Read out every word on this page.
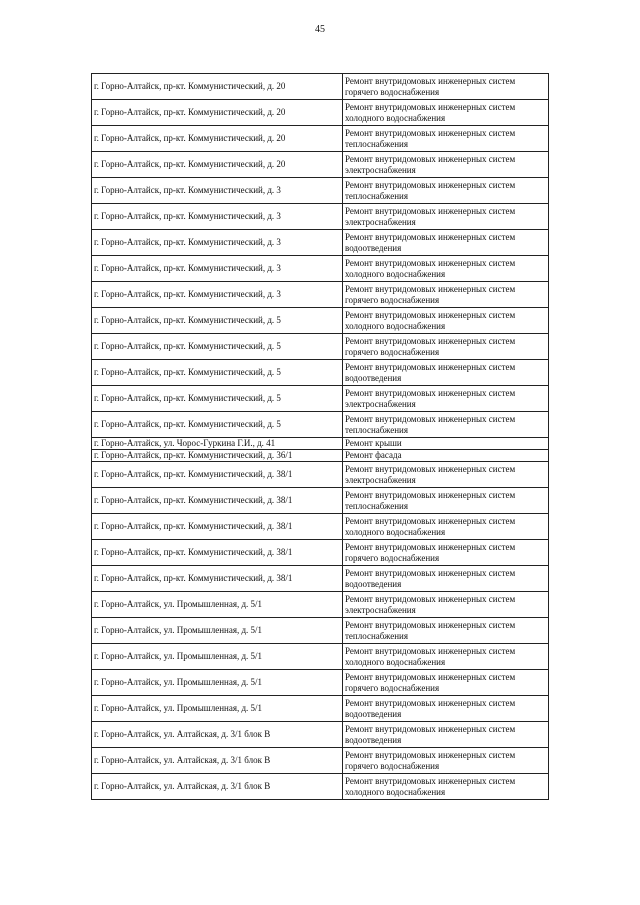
45
г. Горно-Алтайск, пр-кт. Коммунистический, д. 20	Ремонт внутридомовых инженерных систем горячего водоснабжения
г. Горно-Алтайск, пр-кт. Коммунистический, д. 20	Ремонт внутридомовых инженерных систем холодного водоснабжения
г. Горно-Алтайск, пр-кт. Коммунистический, д. 20	Ремонт внутридомовых инженерных систем теплоснабжения
г. Горно-Алтайск, пр-кт. Коммунистический, д. 20	Ремонт внутридомовых инженерных систем электроснабжения
г. Горно-Алтайск, пр-кт. Коммунистический, д. 3	Ремонт внутридомовых инженерных систем теплоснабжения
г. Горно-Алтайск, пр-кт. Коммунистический, д. 3	Ремонт внутридомовых инженерных систем электроснабжения
г. Горно-Алтайск, пр-кт. Коммунистический, д. 3	Ремонт внутридомовых инженерных систем водоотведения
г. Горно-Алтайск, пр-кт. Коммунистический, д. 3	Ремонт внутридомовых инженерных систем холодного водоснабжения
г. Горно-Алтайск, пр-кт. Коммунистический, д. 3	Ремонт внутридомовых инженерных систем горячего водоснабжения
г. Горно-Алтайск, пр-кт. Коммунистический, д. 5	Ремонт внутридомовых инженерных систем холодного водоснабжения
г. Горно-Алтайск, пр-кт. Коммунистический, д. 5	Ремонт внутридомовых инженерных систем горячего водоснабжения
г. Горно-Алтайск, пр-кт. Коммунистический, д. 5	Ремонт внутридомовых инженерных систем водоотведения
г. Горно-Алтайск, пр-кт. Коммунистический, д. 5	Ремонт внутридомовых инженерных систем электроснабжения
г. Горно-Алтайск, пр-кт. Коммунистический, д. 5	Ремонт внутридомовых инженерных систем теплоснабжения
г. Горно-Алтайск, ул. Чорос-Гуркина Г.И., д. 41	Ремонт крыши
г. Горно-Алтайск, пр-кт. Коммунистический, д. 36/1	Ремонт фасада
г. Горно-Алтайск, пр-кт. Коммунистический, д. 38/1	Ремонт внутридомовых инженерных систем электроснабжения
г. Горно-Алтайск, пр-кт. Коммунистический, д. 38/1	Ремонт внутридомовых инженерных систем теплоснабжения
г. Горно-Алтайск, пр-кт. Коммунистический, д. 38/1	Ремонт внутридомовых инженерных систем холодного водоснабжения
г. Горно-Алтайск, пр-кт. Коммунистический, д. 38/1	Ремонт внутридомовых инженерных систем горячего водоснабжения
г. Горно-Алтайск, пр-кт. Коммунистический, д. 38/1	Ремонт внутридомовых инженерных систем водоотведения
г. Горно-Алтайск, ул. Промышленная, д. 5/1	Ремонт внутридомовых инженерных систем электроснабжения
г. Горно-Алтайск, ул. Промышленная, д. 5/1	Ремонт внутридомовых инженерных систем теплоснабжения
г. Горно-Алтайск, ул. Промышленная, д. 5/1	Ремонт внутридомовых инженерных систем холодного водоснабжения
г. Горно-Алтайск, ул. Промышленная, д. 5/1	Ремонт внутридомовых инженерных систем горячего водоснабжения
г. Горно-Алтайск, ул. Промышленная, д. 5/1	Ремонт внутридомовых инженерных систем водоотведения
г. Горно-Алтайск, ул. Алтайская, д. 3/1 блок В	Ремонт внутридомовых инженерных систем водоотведения
г. Горно-Алтайск, ул. Алтайская, д. 3/1 блок В	Ремонт внутридомовых инженерных систем горячего водоснабжения
г. Горно-Алтайск, ул. Алтайская, д. 3/1 блок В	Ремонт внутридомовых инженерных систем холодного водоснабжения
